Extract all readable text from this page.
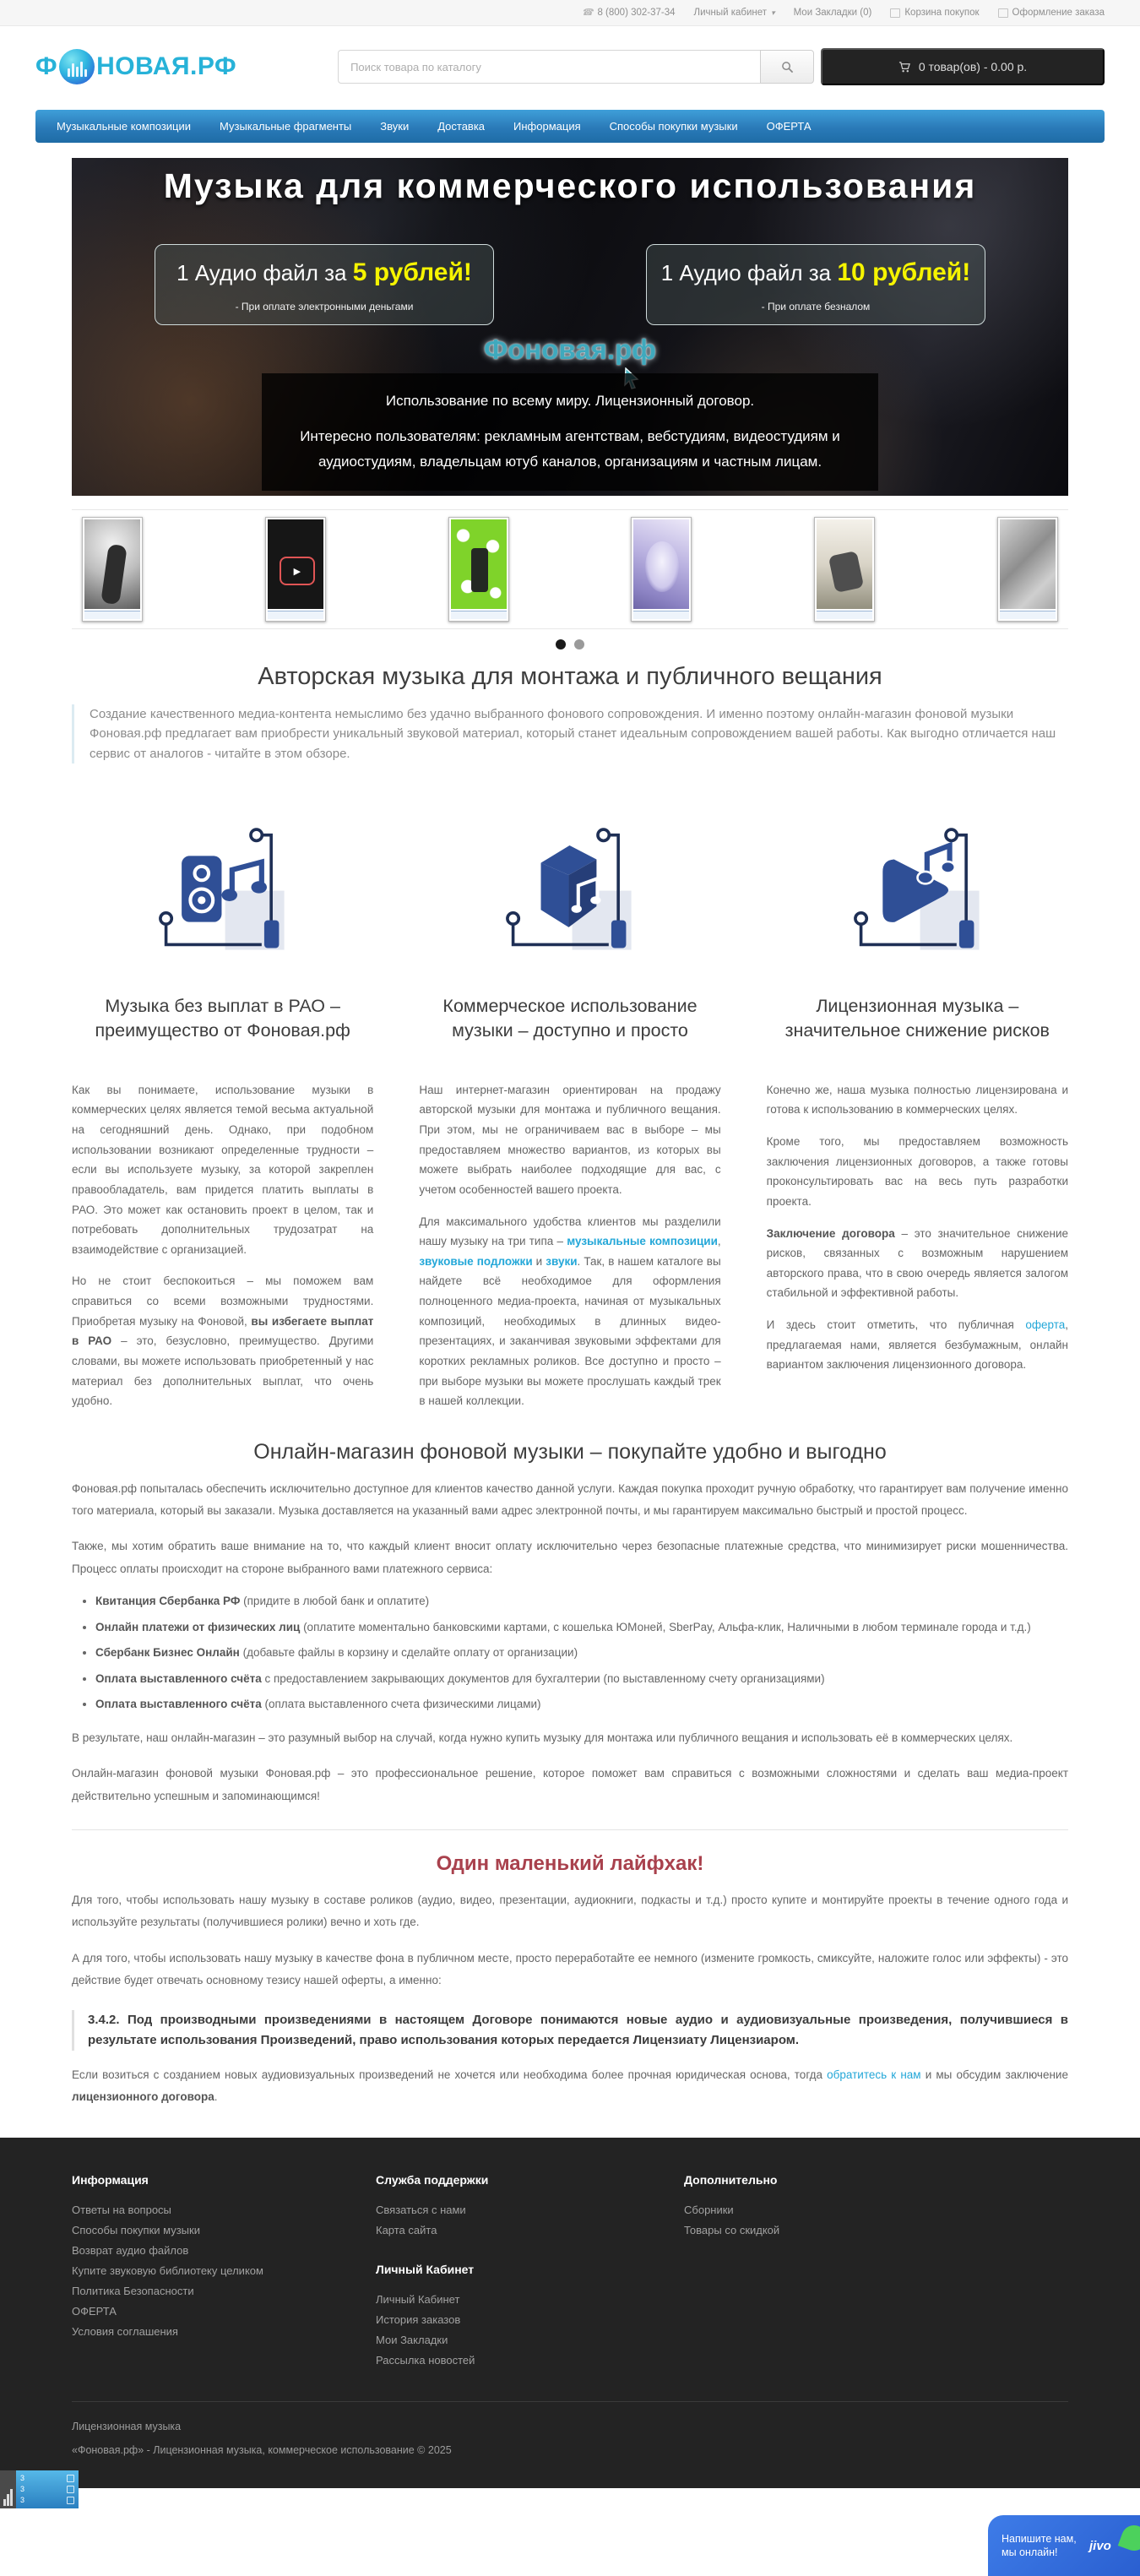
☎
8 (800) 302-37-34 Личный кабинет ▾	Мои Закладки (0)	Корзина покупок	Оформление заказа
Ф НОВАЯ.РФ
Поиск товара по каталогу	0 товар(ов) - 0.00 р.
Музыкальные композиции	Музыкальные фрагменты	Звуки	Доставка	Информация	Способы покупки музыки	ОФЕРТА
Музыка для коммерческого использования
1 Аудио файл за 5 рублей!
- При оплате электронными деньгами
1 Аудио файл за 10 рублей!
- При оплате безналом
Фоновая.рф
Использование по всему миру. Лицензионный договор.
Интересно пользователям: рекламным агентствам, вебстудиям, видеостудиям и аудиостудиям, владельцам ютуб каналов, организациям и частным лицам.
▶
Авторская музыка для монтажа и публичного вещания
Создание качественного медиа-контента немыслимо без удачно выбранного фонового сопровождения. И именно поэтому онлайн-магазин фоновой музыки Фоновая.рф предлагает вам приобрести уникальный звуковой материал, который станет идеальным сопровождением вашей работы. Как выгодно отличается наш сервис от аналогов - читайте в этом обзоре.
Музыка без выплат в РАО – преимущество от Фоновая.рф

Как вы понимаете, использование музыки в коммерческих целях является темой весьма актуальной на сегодняшний день. Однако, при подобном использовании возникают определенные трудности – если вы используете музыку, за которой закреплен правообладатель, вам придется платить выплаты в РАО. Это может как остановить проект в целом, так и потребовать дополнительных трудозатрат на взаимодействие с организацией.

Но не стоит беспокоиться – мы поможем вам справиться со всеми возможными трудностями. Приобретая музыку на Фоновой, вы избегаете выплат в РАО – это, безусловно, преимущество. Другими словами, вы можете использовать приобретенный у нас материал без дополнительных выплат, что очень удобно.

Коммерческое использование музыки – доступно и просто

Наш интернет-магазин ориентирован на продажу авторской музыки для монтажа и публичного вещания. При этом, мы не ограничиваем вас в выборе – мы предоставляем множество вариантов, из которых вы можете выбрать наиболее подходящие для вас, с учетом особенностей вашего проекта.

Для максимального удобства клиентов мы разделили нашу музыку на три типа – музыкальные композиции, звуковые подложки и звуки. Так, в нашем каталоге вы найдете всё необходимое для оформления полноценного медиа-проекта, начиная от музыкальных композиций, необходимых в длинных видео-презентациях, и заканчивая звуковыми эффектами для коротких рекламных роликов. Все доступно и просто – при выборе музыки вы можете прослушать каждый трек в нашей коллекции.

Лицензионная музыка – значительное снижение рисков

Конечно же, наша музыка полностью лицензирована и готова к использованию в коммерческих целях.

Кроме того, мы предоставляем возможность заключения лицензионных договоров, а также готовы проконсультировать вас на весь путь разработки проекта.

Заключение договора – это значительное снижение рисков, связанных с возможным нарушением авторского права, что в свою очередь является залогом стабильной и эффективной работы.

И здесь стоит отметить, что публичная оферта, предлагаемая нами, является безбумажным, онлайн вариантом заключения лицензионного договора.

Онлайн-магазин фоновой музыки – покупайте удобно и выгодно

Фоновая.рф попыталась обеспечить исключительно доступное для клиентов качество данной услуги. Каждая покупка проходит ручную обработку, что гарантирует вам получение именно того материала, который вы заказали. Музыка доставляется на указанный вами адрес электронной почты, и мы гарантируем максимально быстрый и простой процесс.

Также, мы хотим обратить ваше внимание на то, что каждый клиент вносит оплату исключительно через безопасные платежные средства, что минимизирует риски мошенничества. Процесс оплаты происходит на стороне выбранного вами платежного сервиса:

• Квитанция Сбербанка РФ (придите в любой банк и оплатите)
• Онлайн платежи от физических лиц (оплатите моментально банковскими картами, с кошелька ЮМоней, SberPay, Альфа-клик, Наличными в любом терминале города и т.д.)
• Сбербанк Бизнес Онлайн (добавьте файлы в корзину и сделайте оплату от организации)
• Оплата выставленного счёта с предоставлением закрывающих документов для бухгалтерии (по выставленному счету организациями)
• Оплата выставленного счёта (оплата выставленного счета физическими лицами)

В результате, наш онлайн-магазин – это разумный выбор на случай, когда нужно купить музыку для монтажа или публичного вещания и использовать её в коммерческих целях.

Онлайн-магазин фоновой музыки Фоновая.рф – это профессиональное решение, которое поможет вам справиться с возможными сложностями и сделать ваш медиа-проект действительно успешным и запоминающимся!

Один маленький лайфхак!

Для того, чтобы использовать нашу музыку в составе роликов (аудио, видео, презентации, аудиокниги, подкасты и т.д.) просто купите и монтируйте проекты в течение одного года и используйте результаты (получившиеся ролики) вечно и хоть где.

А для того, чтобы использовать нашу музыку в качестве фона в публичном месте, просто переработайте ее немного (измените громкость, смиксуйте, наложите голос или эффекты) - это действие будет отвечать основному тезису нашей оферты, а именно:

3.4.2. Под производными произведениями в настоящем Договоре понимаются новые аудио и аудиовизуальные произведения, получившиеся в результате использования Произведений, право использования которых передается Лицензиату Лицензиаром.

Если возиться с созданием новых аудиовизуальных произведений не хочется или необходима более прочная юридическая основа, тогда обратитесь к нам и мы обсудим заключение лицензионного договора.

Информация
Ответы на вопросы
Способы покупки музыки
Возврат аудио файлов
Купите звуковую библиотеку целиком
Политика Безопасности
ОФЕРТА
Условия соглашения
Служба поддержки
Связаться с нами
Карта сайта
Личный Кабинет
Личный Кабинет
История заказов
Мои Закладки
Рассылка новостей
Дополнительно
Сборники
Товары со скидкой
Лицензионная музыка
«Фоновая.рф» - Лицензионная музыка, коммерческое использование © 2025
3
3
3
Напишите нам, мы онлайн!	jivo
